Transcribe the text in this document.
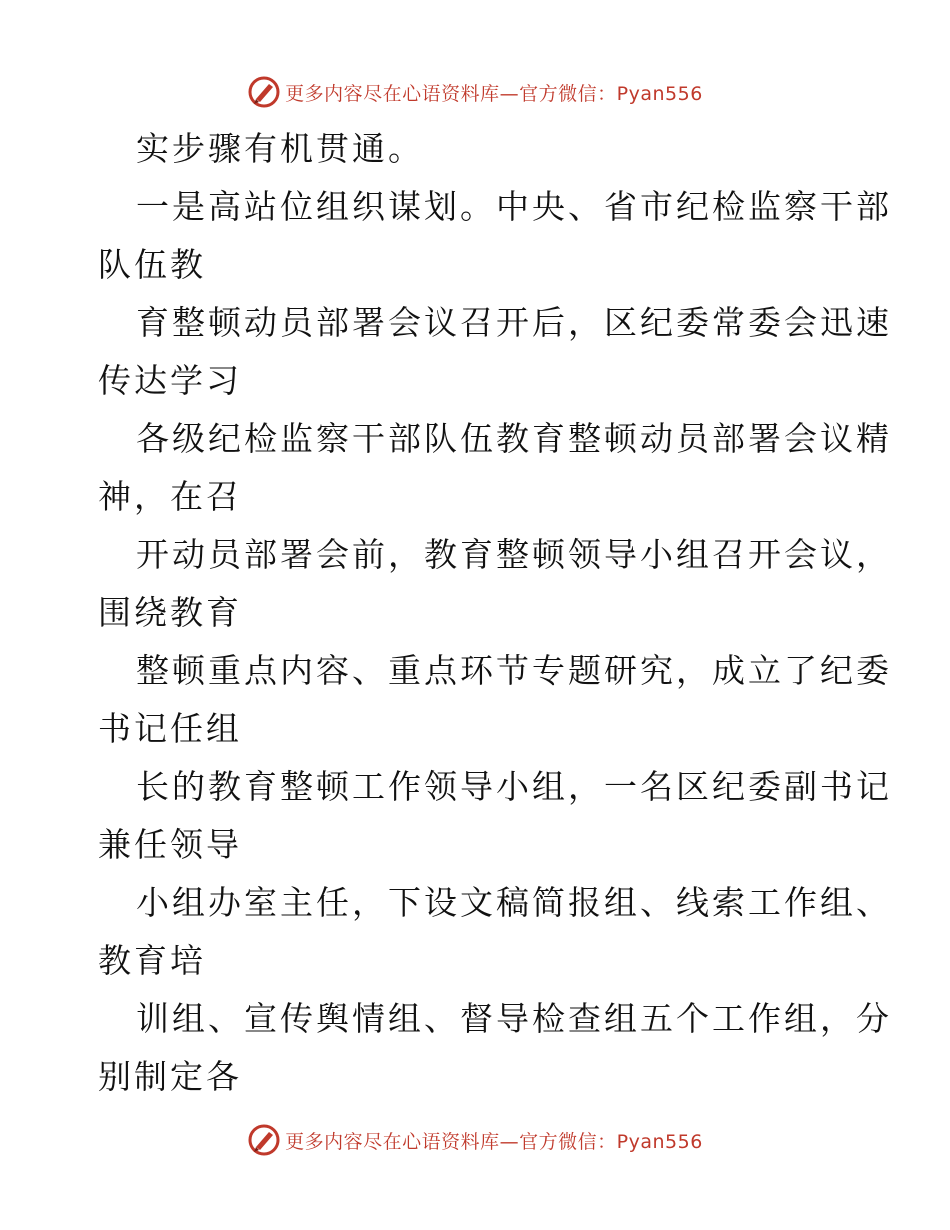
更多内容尽在心语资料库—官方微信：Pyan556
实步骤有机贯通。
一是高站位组织谋划。中央、省市纪检监察干部
队伍教
育整顿动员部署会议召开后，区纪委常委会迅速
传达学习
各级纪检监察干部队伍教育整顿动员部署会议精
神，在召
开动员部署会前，教育整顿领导小组召开会议，
围绕教育
整顿重点内容、重点环节专题研究，成立了纪委
书记任组
长的教育整顿工作领导小组，一名区纪委副书记
兼任领导
小组办室主任，下设文稿简报组、线索工作组、
教育培
训组、宣传舆情组、督导检查组五个工作组，分
别制定各
更多内容尽在心语资料库—官方微信：Pyan556
